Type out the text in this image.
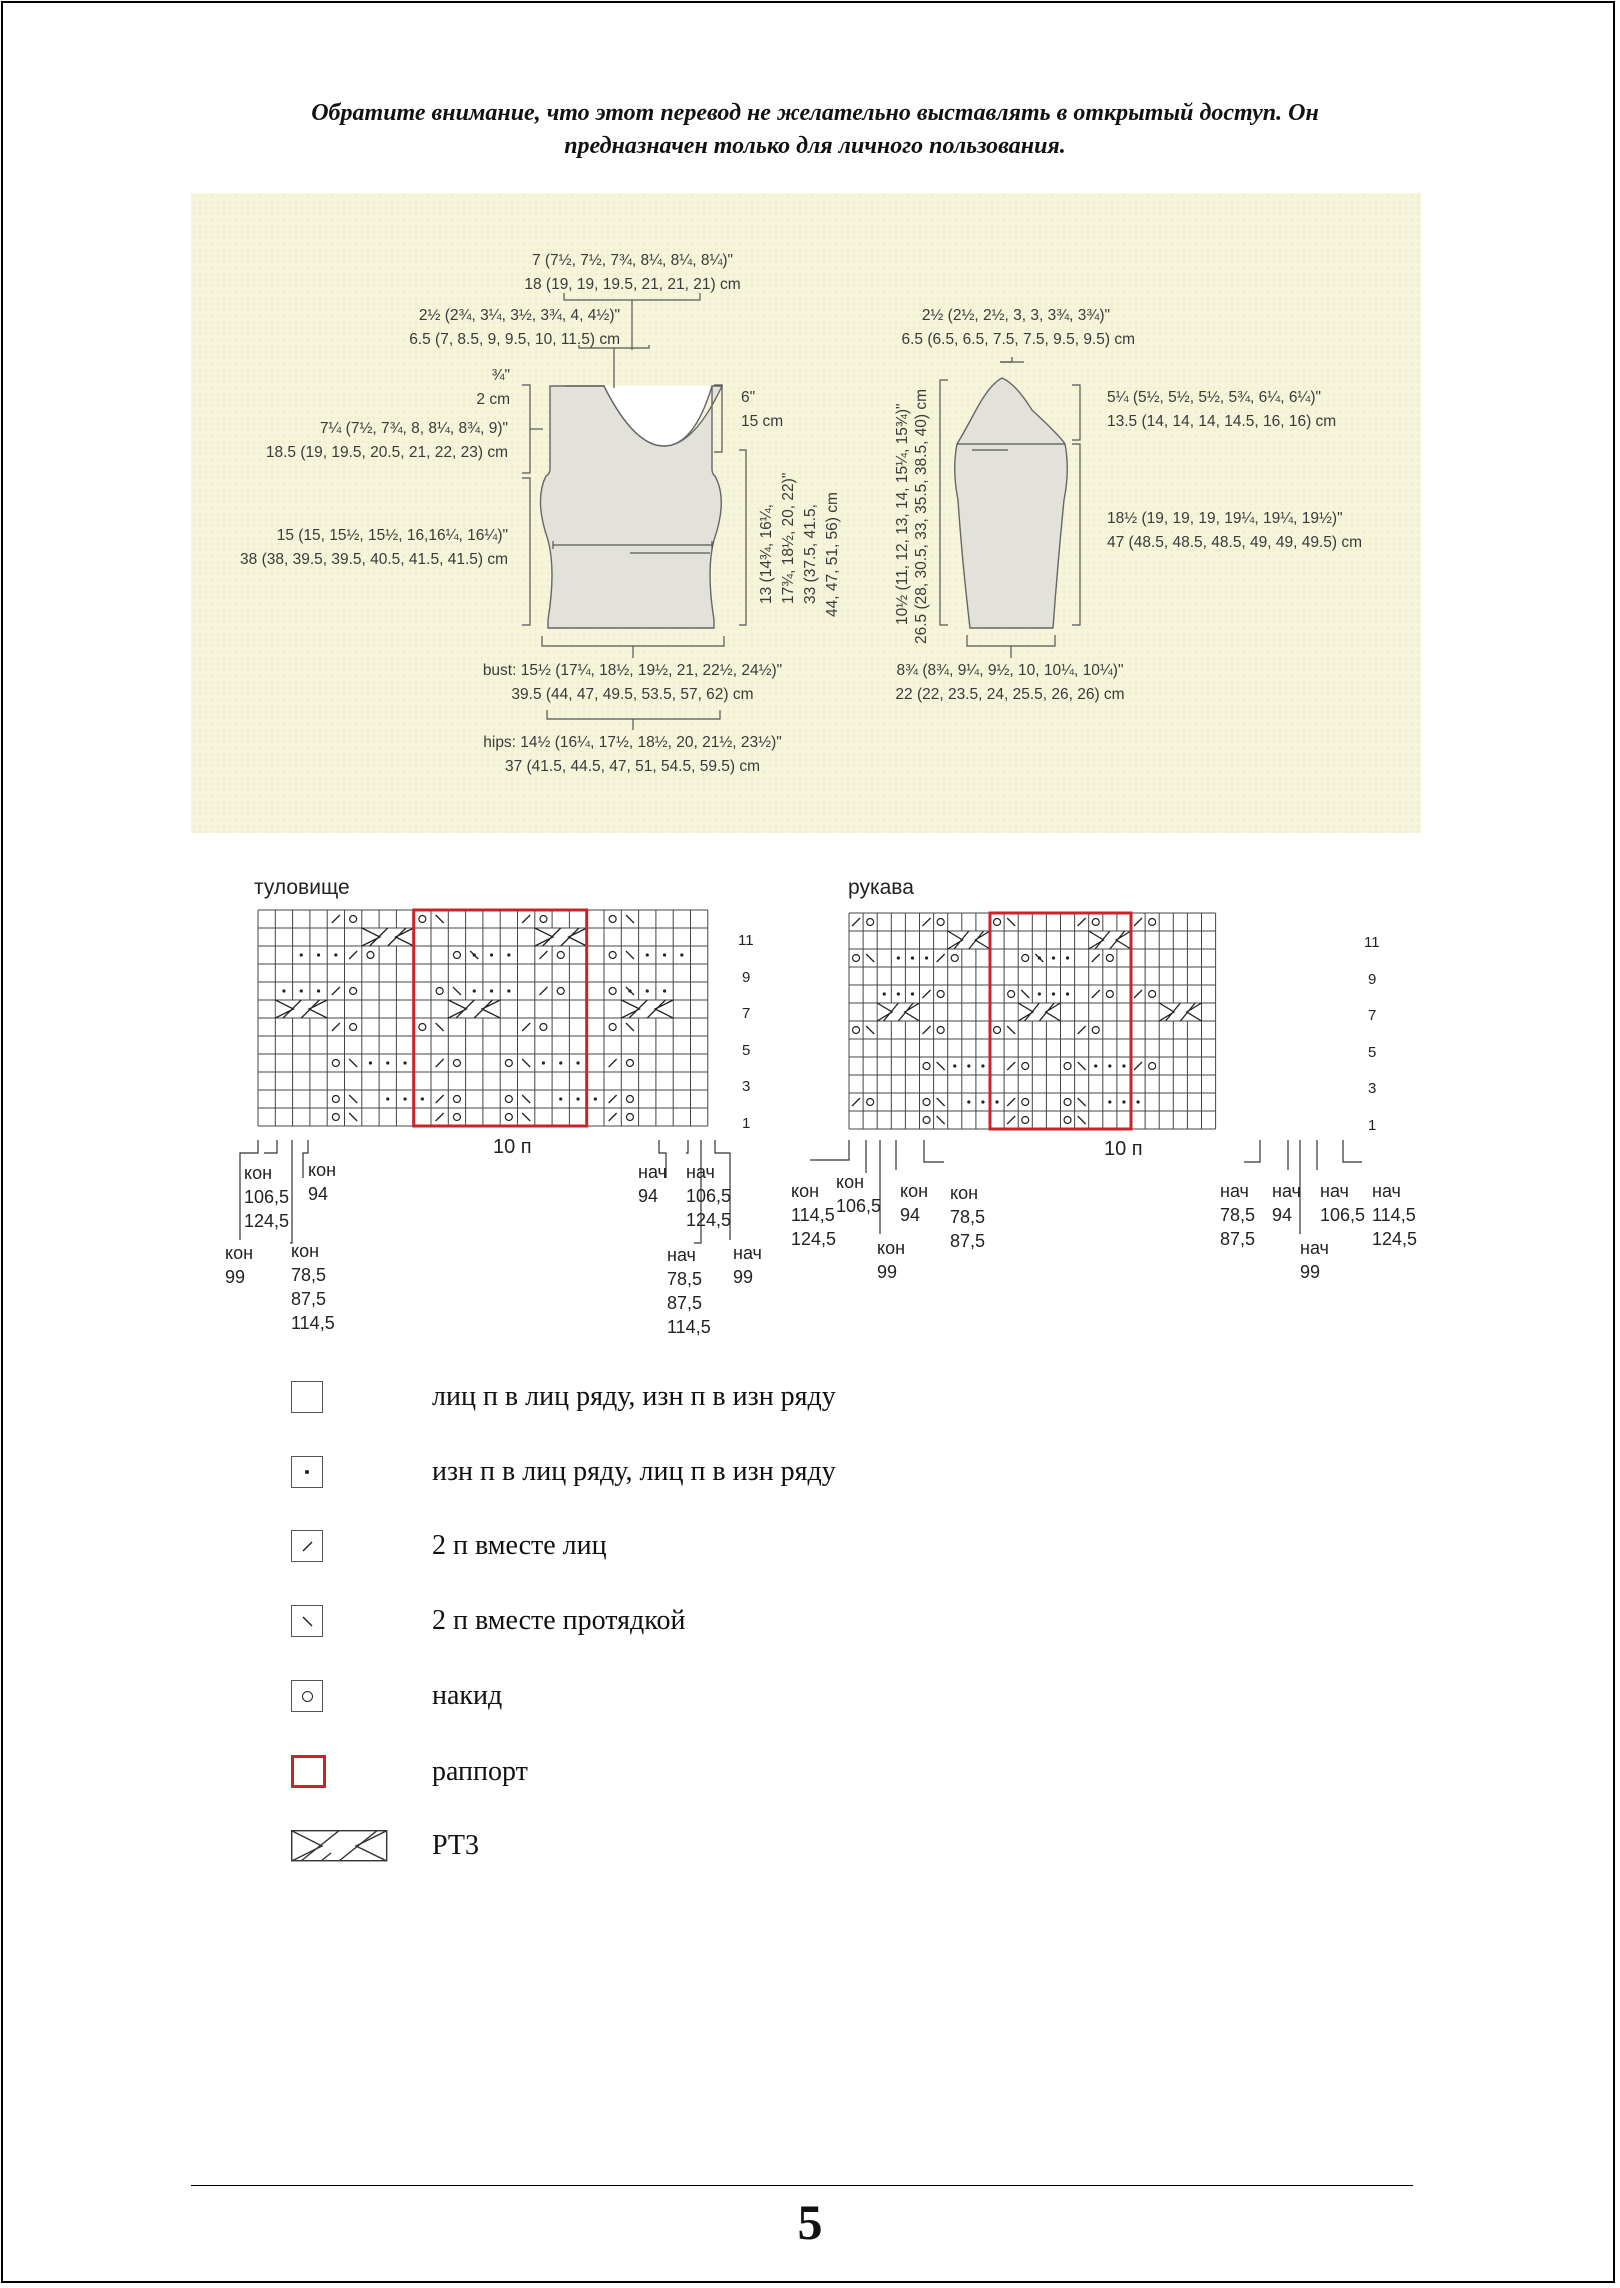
Обратите внимание, что этот перевод не желательно выставлять в открытый доступ. Он
предназначен только для личного пользования.
7 (7½, 7½, 7¾, 8¼, 8¼, 8¼)"
18 (19, 19, 19.5, 21, 21, 21) cm
2½ (2¾, 3¼, 3½, 3¾, 4, 4½)"
6.5 (7, 8.5, 9, 9.5, 10, 11.5) cm
¾"
2 cm	6"
15 cm
7¼ (7½, 7¾, 8, 8¼, 8¾, 9)"
18.5 (19, 19.5, 20.5, 21, 22, 23) cm
15 (15, 15½, 15½, 16,16¼, 16¼)"
38 (38, 39.5, 39.5, 40.5, 41.5, 41.5) cm	13 (14¾, 16¼, 17¾, 18½, 20, 22)" 33 (37.5, 41.5, 44, 47, 51, 56) cm
bust: 15½ (17¼, 18½, 19½, 21, 22½, 24½)"
39.5 (44, 47, 49.5, 53.5, 57, 62) cm
hips: 14½ (16¼, 17½, 18½, 20, 21½, 23½)"
37 (41.5, 44.5, 47, 51, 54.5, 59.5) cm
2½ (2½, 2½, 3, 3, 3¾, 3¾)"
6.5 (6.5, 6.5, 7.5, 7.5, 9.5, 9.5) cm
5¼ (5½, 5½, 5½, 5¾, 6¼, 6¼)"
13.5 (14, 14, 14, 14.5, 16, 16) cm
10½ (11, 12, 13, 14, 15¼, 15¾)" 26.5 (28, 30.5, 33, 35.5, 38.5, 40) cm	18½ (19, 19, 19, 19¼, 19¼, 19½)"
47 (48.5, 48.5, 48.5, 49, 49, 49.5) cm
8¾ (8¾, 9¼, 9½, 10, 10¼, 10¼)"
22 (22, 23.5, 24, 25.5, 26, 26) cm
туловище	рукава
11
9
7
5
3
1
11
9
7
5
3
1
10 п	10 п
кон
106,5
124,5
кон
94
кон
99
кон
78,5
87,5
114,5
нач
94
нач
106,5
124,5
нач
78,5
87,5
114,5
нач
99
кон
114,5
124,5
кон
106,5
кон
99
кон
94
кон
78,5
87,5
нач
78,5
87,5
нач
94
нач
99
нач
106,5
нач
114,5
124,5
лиц п в лиц ряду, изн п в изн ряду
изн п в лиц ряду, лиц п в изн ряду
2 п вместе лиц
2 п вместе протядкой
накид
раппорт
РТ3
5
